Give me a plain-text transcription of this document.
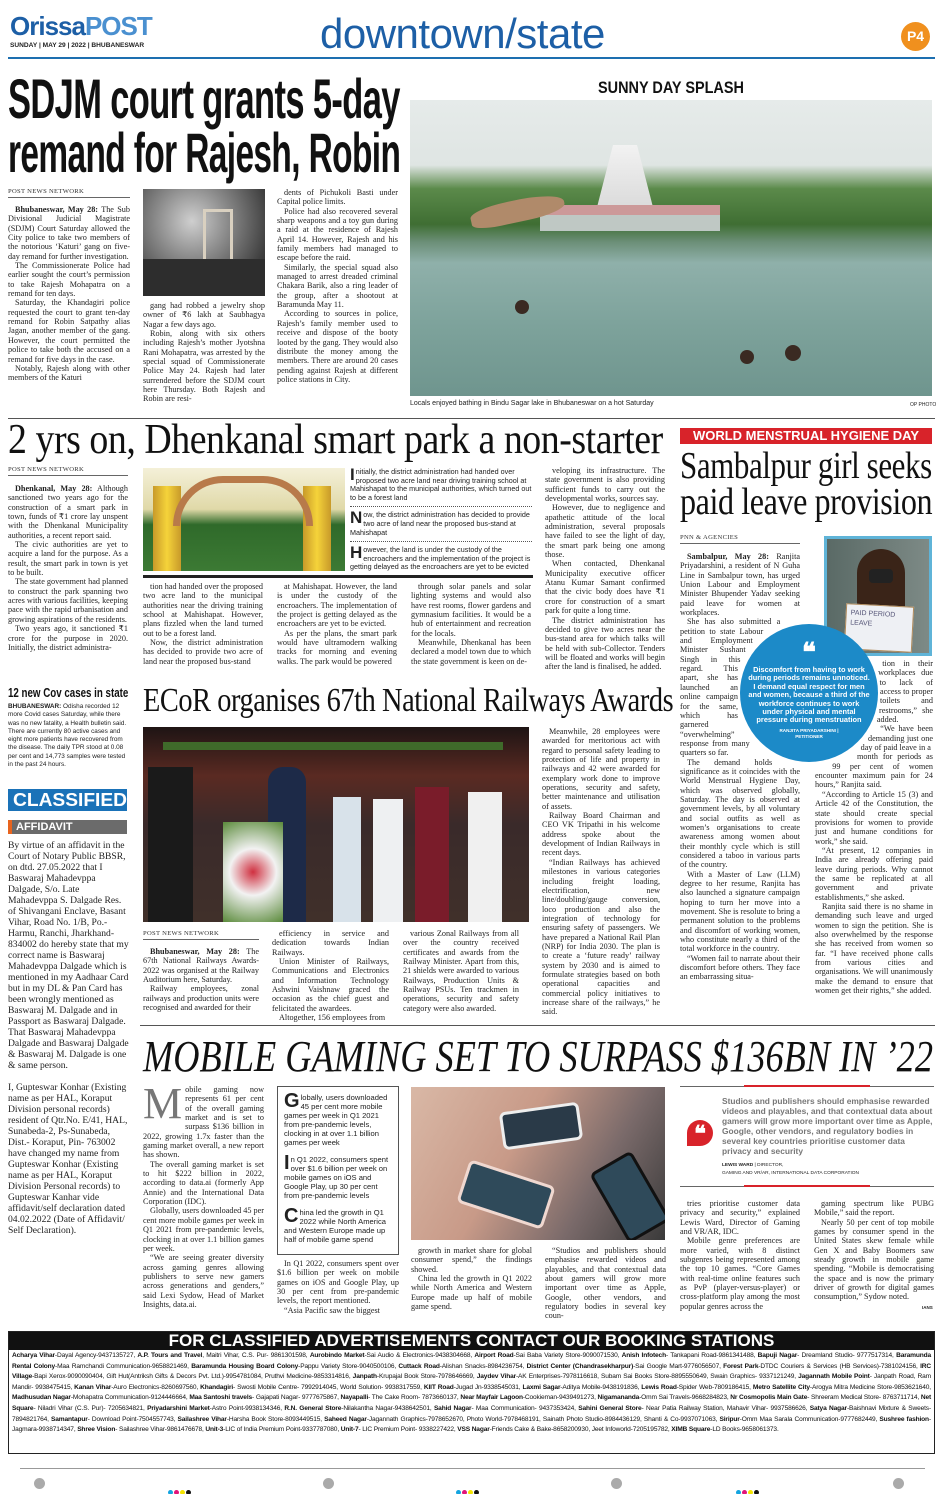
OrissaPOST
SUNDAY | MAY 29 | 2022 | BHUBANESWAR	downtown/state	P4
SDJM court grants 5-day
remand for Rajesh, Robin
POST NEWS NETWORK

Bhubaneswar, May 28: The Sub Divisional Judicial Magistrate (SDJM) Court Saturday allowed the City police to take two members of the notorious ‘Katuri’ gang on five-day remand for further investigation.

The Commissionerate Police had earlier sought the court’s permission to take Rajesh Mohapatra on a remand for ten days.

Saturday, the Khandagiri police requested the court to grant ten-day remand for Robin Satpathy alias Jagan, another member of the gang. However, the court permitted the police to take both the accused on a remand for five days in the case.

Notably, Rajesh along with other members of the Katuri

gang had robbed a jewelry shop owner of ₹6 lakh at Saubhagya Nagar a few days ago.

Robin, along with six others including Rajesh’s mother Jyotshna Rani Mohapatra, was arrested by the special squad of Commissionerate Police May 24. Rajesh had later surrendered before the SDJM court here Thursday. Both Rajesh and Robin are resi-

dents of Pichukoli Basti under Capital police limits.

Police had also recovered several sharp weapons and a toy gun during a raid at the residence of Rajesh April 14. However, Rajesh and his family members had managed to escape before the raid.

Similarly, the special squad also managed to arrest dreaded criminal Chakara Barik, also a ring leader of the group, after a shootout at Baramunda May 11.

According to sources in police, Rajesh’s family member used to receive and dispose of the booty looted by the gang. They would also distribute the money among the members. There are around 20 cases pending against Rajesh at different police stations in City.

SUNNY DAY SPLASH
Locals enjoyed bathing in Bindu Sagar lake in Bhubaneswar on a hot Saturday	OP PHOTO
2 yrs on, Dhenkanal smart park a non-starter
POST NEWS NETWORK

Dhenkanal, May 28: Although sanctioned two years ago for the construction of a smart park in town, funds of ₹1 crore lay unspent with the Dhenkanal Municipality authorities, a recent report said.

The civic authorities are yet to acquire a land for the purpose. As a result, the smart park in town is yet to be built.

The state government had planned to construct the park spanning two acres with various facilities, keeping pace with the rapid urbanisation and growing aspirations of the residents.

Two years ago, it sanctioned ₹1 crore for the purpose in 2020. Initially, the district administra-

Initially, the district administration had handed over proposed two acre land near driving training school at Mahishapat to the municipal authorities, which turned out to be a forest land
Now, the district administration has decided to provide two acre of land near the proposed bus-stand at Mahishapat
However, the land is under the custody of the encroachers and the implementation of the project is getting delayed as the encroachers are yet to be evicted

tion had handed over the proposed two acre land to the municipal authorities near the driving training school at Mahishapat. However, plans fizzled when the land turned out to be a forest land.

Now, the district administration has decided to provide two acre of land near the proposed bus-stand

at Mahishapat. However, the land is under the custody of the encroachers. The implementation of the project is getting delayed as the encroachers are yet to be evicted.

As per the plans, the smart park would have ultramodern walking tracks for morning and evening walks. The park would be powered

through solar panels and solar lighting systems and would also have rest rooms, flower gardens and gymnasium facilities. It would be a hub of entertainment and recreation for the locals.

Meanwhile, Dhenkanal has been declared a model town due to which the state government is keen on de-

veloping its infrastructure. The state government is also providing sufficient funds to carry out the developmental works, sources say.

However, due to negligence and apathetic attitude of the local administration, several proposals have failed to see the light of day, the smart park being one among those.

When contacted, Dhenkanal Municipality executive officer Atanu Kumar Samant confirmed that the civic body does have ₹1 crore for construction of a smart park for quite a long time.

The district administration has decided to give two acres near the bus-stand area for which talks will be held with sub-Collector. Tenders will be floated and works will begin after the land is finalised, he added.

WORLD MENSTRUAL HYGIENE DAY
Sambalpur girl seeks
paid leave provision
PNN & AGENCIES

Sambalpur, May 28: Ranjita Priyadarshini, a resident of N Guha Line in Sambalpur town, has urged Union Labour and Employment Minister Bhupender Yadav seeking paid leave for women at workplaces.

She has also submitted a petition to state Labour and Employment Minister Sushant Singh in this regard. This apart, she has launched an online campaign for the same, which has garnered “overwhelming” response from many quarters so far.

The demand holds significance as it coincides with the World Menstrual Hygiene Day, which was observed globally, Saturday. The day is observed at government levels, by all voluntary and social outfits as well as women’s organisations to create awareness among women about their monthly cycle which is still considered a taboo in various parts of the country.

With a Master of Law (LLM) degree to her resume, Ranjita has also launched a signature campaign hoping to turn her move into a movement. She is resolute to bring a permanent solution to the problems and discomfort of working women, who constitute nearly a third of the total workforce in the country.

“Women fail to narrate about their discomfort before others. They face an embarrassing situa-

PAID PERIOD LEAVE

tion in their workplaces due to lack of access to proper toilets and restrooms,” she added.

“We have been demanding just one day of paid leave in a

month for periods as 99 per cent of women encounter maximum pain for 24 hours,” Ranjita said.

“According to Article 15 (3) and Article 42 of the Constitution, the state should create special provisions for women to provide just and humane conditions for work,” she said.

“At present, 12 companies in India are already offering paid leave during periods. Why cannot the same be replicated at all government and private establishments,” she asked.

Ranjita said there is no shame in demanding such leave and urged women to sign the petition. She is also overwhelmed by the response she has received from women so far. “I have received phone calls from various cities and organisations. We will unanimously make the demand to ensure that women get their rights,” she added.

❝
Discomfort from having to work during periods remains unnoticed. I demand equal respect for men and women, because a third of the workforce continues to work under physical and mental pressure during menstruation
RANJITA PRIYADARSHINI |
PETITIONER
12 new Cov cases in state
BHUBANESWAR: Odisha recorded 12 more Covid cases Saturday, while there was no new fatality, a Health bulletin said. There are currently 80 active cases and eight more patients have recovered from the disease. The daily TPR stood at 0.08 per cent and 14,773 samples were tested in the past 24 hours.
CLASSIFIED
AFFIDAVIT

By virtue of an affidavit in the Court of Notary Public BBSR, on dtd. 27.05.2022 that I Baswaraj Mahadevppa Dalgade, S/o. Late Mahadevppa S. Dalgade Res. of Shivangani Enclave, Basant Vihar, Road No. 1/B, Po.- Harmu, Ranchi, Jharkhand- 834002 do hereby state that my correct name is Baswaraj Mahadevppa Dalgade which is mentioned in my Aadhaar Card but in my DL & Pan Card has been wrongly mentioned as Baswaraj M. Dalgade and in Passport as Baswaraj Dalgade. That Baswaraj Mahadevppa Dalgade and Baswaraj Dalgade & Baswaraj M. Dalgade is one & same person.

I, Gupteswar Konhar (Existing name as per HAL, Koraput Division personal records) resident of Qtr.No. E/41, HAL, Sunabeda-2, Ps-Sunabeda, Dist.- Koraput, Pin- 763002 have changed my name from Gupteswar Konhar (Existing name as per HAL, Koraput Division Personal records) to Gupteswar Kanhar vide affidavit/self declaration dated 04.02.2022 (Date of Affidavit/ Self Declaration).

ECoR organises 67th National Railways Awards
POST NEWS NETWORK

Bhubaneswar, May 28: The 67th National Railways Awards-2022 was organised at the Railway Auditorium here, Saturday.

Railway employees, zonal railways and production units were recognised and awarded for their

efficiency in service and dedication towards Indian Railways.

Union Minister of Railways, Communications and Electronics and Information Technology Ashwini Vaishnaw graced the occasion as the chief guest and felicitated the awardees.

Altogether, 156 employees from

various Zonal Railways from all over the country received certificates and awards from the Railway Minister. Apart from this, 21 shields were awarded to various Railways, Production Units & Railway PSUs. Ten trackmen in operations, security and safety category were also awarded.

Meanwhile, 28 employees were awarded for meritorious act with regard to personal safety leading to protection of life and property in railways and 42 were awarded for exemplary work done to improve operations, security and safety, better maintenance and utilisation of assets.

Railway Board Chairman and CEO VK Tripathi in his welcome address spoke about the development of Indian Railways in recent days.

“Indian Railways has achieved milestones in various categories including freight loading, electrification, new line/doubling/gauge conversion, loco production and also the integration of technology for ensuring safety of passengers. We have prepared a National Rail Plan (NRP) for India 2030. The plan is to create a ‘future ready’ railway system by 2030 and is aimed to formulate strategies based on both operational capacities and commercial policy initiatives to increase share of the railways,” he said.

MOBILE GAMING SET TO SURPASS $136BN IN ’22
M obile gaming now represents 61 per cent of the overall gaming market and is set to surpass $136 billion in 2022, growing 1.7x faster than the gaming market overall, a new report has shown.

The overall gaming market is set to hit $222 billion in 2022, according to data.ai (formerly App Annie) and the International Data Corporation (IDC).

Globally, users downloaded 45 per cent more mobile games per week in Q1 2021 from pre-pandemic levels, clocking in at over 1.1 billion games per week.

“We are seeing greater diversity across gaming genres allowing publishers to serve new gamers across generations and genders,” said Lexi Sydow, Head of Market Insights, data.ai.

Globally, users downloaded 45 per cent more mobile games per week in Q1 2021 from pre-pandemic levels, clocking in at over 1.1 billion games per week
In Q1 2022, consumers spent over $1.6 billion per week on mobile games on iOS and Google Play, up 30 per cent from pre-pandemic levels
China led the growth in Q1 2022 while North America and Western Europe made up half of mobile game spend

In Q1 2022, consumers spent over $1.6 billion per week on mobile games on iOS and Google Play, up 30 per cent from pre-pandemic levels, the report mentioned.

“Asia Pacific saw the biggest

growth in market share for global consumer spend,” the findings showed.

China led the growth in Q1 2022 while North America and Western Europe made up half of mobile game spend.

“Studios and publishers should emphasise rewarded videos and playables, and that contextual data about gamers will grow more important over time as Apple, Google, other vendors, and regulatory bodies in several key coun-

❝
Studios and publishers should emphasise rewarded videos and playables, and that contextual data about gamers will grow more important over time as Apple, Google, other vendors, and regulatory bodies in several key countries prioritise customer data privacy and security
LEWIS WARD | DIRECTOR,
GAMING AND VR/AR, INTERNATIONAL DATA CORPORATION

tries prioritise customer data privacy and security,” explained Lewis Ward, Director of Gaming and VR/AR, IDC.

Mobile genre preferences are more varied, with 8 distinct subgenres being represented among the top 10 games. “Core Games with real-time online features such as PvP (player-versus-player) or cross-platform play among the most popular genres across the

gaming spectrum like PUBG Mobile,” said the report.

Nearly 50 per cent of top mobile games by consumer spend in the United States skew female while Gen X and Baby Boomers saw steady growth in mobile game spending. “Mobile is democratising the space and is now the primary driver of growth for digital games consumption,” Sydow noted.

IANS
FOR CLASSIFIED ADVERTISEMENTS CONTACT OUR BOOKING STATIONS
Acharya Vihar-Dayal Agency-9437135727, A.P. Tours and Travel, Maitri Vihar, C.S. Pur- 9861301598, Aurobindo Market-Sai Audio & Electronics-9438304668, Airport Road-Sai Baba Variety Store-9090071530, Anish Infotech- Tankapani Road-9861341488, Bapuji Nagar- Dreamland Studio- 9777517314, Baramunda Rental Colony-Maa Ramchandi Communication-9658821469, Baramunda Housing Board Colony-Pappu Variety Store-9040500106, Cuttack Road-Alishan Snacks-8984236754, District Center (Chandrasekharpur)-Sai Google Mart-9776056507, Forest Park-DTDC Couriers & Services (HB Services)-7381024156, IRC Village-Bapi Xerox-9090090404, Gift Hut(Antriksh Gifts & Decors Pvt. Ltd.)-9954781084, Pruthvi Medicine-9853314816, Janpath-Krupajal Book Store-7978646669, Jaydev Vihar-AK Enterprises-7978116618, Subam Sai Books Store-8895550649, Swain Graphics- 9337121249, Jagannath Mobile Point- Janpath Road, Ram Mandir- 9938475415, Kanan Vihar-Auro Electronics-8260697560, Khandagiri- Swosti Mobile Centre- 7992914045, World Solution- 9938317559, KIIT Road-Jugad Jn-9338545031, Laxmi Sagar-Aditya Mobile-9438191836, Lewis Road-Spider Web-7809186415, Metro Satellite City-Arogya Mitra Medicine Store-9853621640, Madhusudan Nagar-Mohapatra Communication-9124446664, Maa Santoshi travels- Gajapati Nagar- 9777675867, Nayapalli- The Cake Room- 7873660137, Near Mayfair Lagoon-Cookieman-9439491273, Nigamananda-Omm Sai Travels-9668284823, Nr Cosmopolis Main Gate- Shreeram Medical Store- 8763711714, Net Square- Niladri Vihar (C.S. Pur)- 7205634821, Priyadarshini Market-Astro Point-9938134346, R.N. General Store-Nilakantha Nagar-9438642501, Sahid Nagar- Maa Communication- 9437353424, Sahini General Store- Near Patia Railway Station, Mahavir Vihar- 9937586626, Satya Nagar-Baishnavi Mixture & Sweets-7894821764, Samantapur- Download Point-7504557743, Sailashree Vihar-Harsha Book Store-8093449515, Saheed Nagar-Jagannath Graphics-7978652670, Photo World-7978468191, Sainath Photo Studio-8984436129, Shanti & Co-9937071063, Siripur-Omm Maa Sarala Communication-9777682449, Sushree fashion- Jagmara-9938714347, Shree Vision- Sailashree Vihar-9861476678, Unit-3-LIC of India Premium Point-9337787080, Unit-7- LIC Premium Point- 9338227422, VSS Nagar-Friends Cake & Bake-8658200930, Jeet Infoworld-7205195782, XIMB Square-LD Books-9658061373.
